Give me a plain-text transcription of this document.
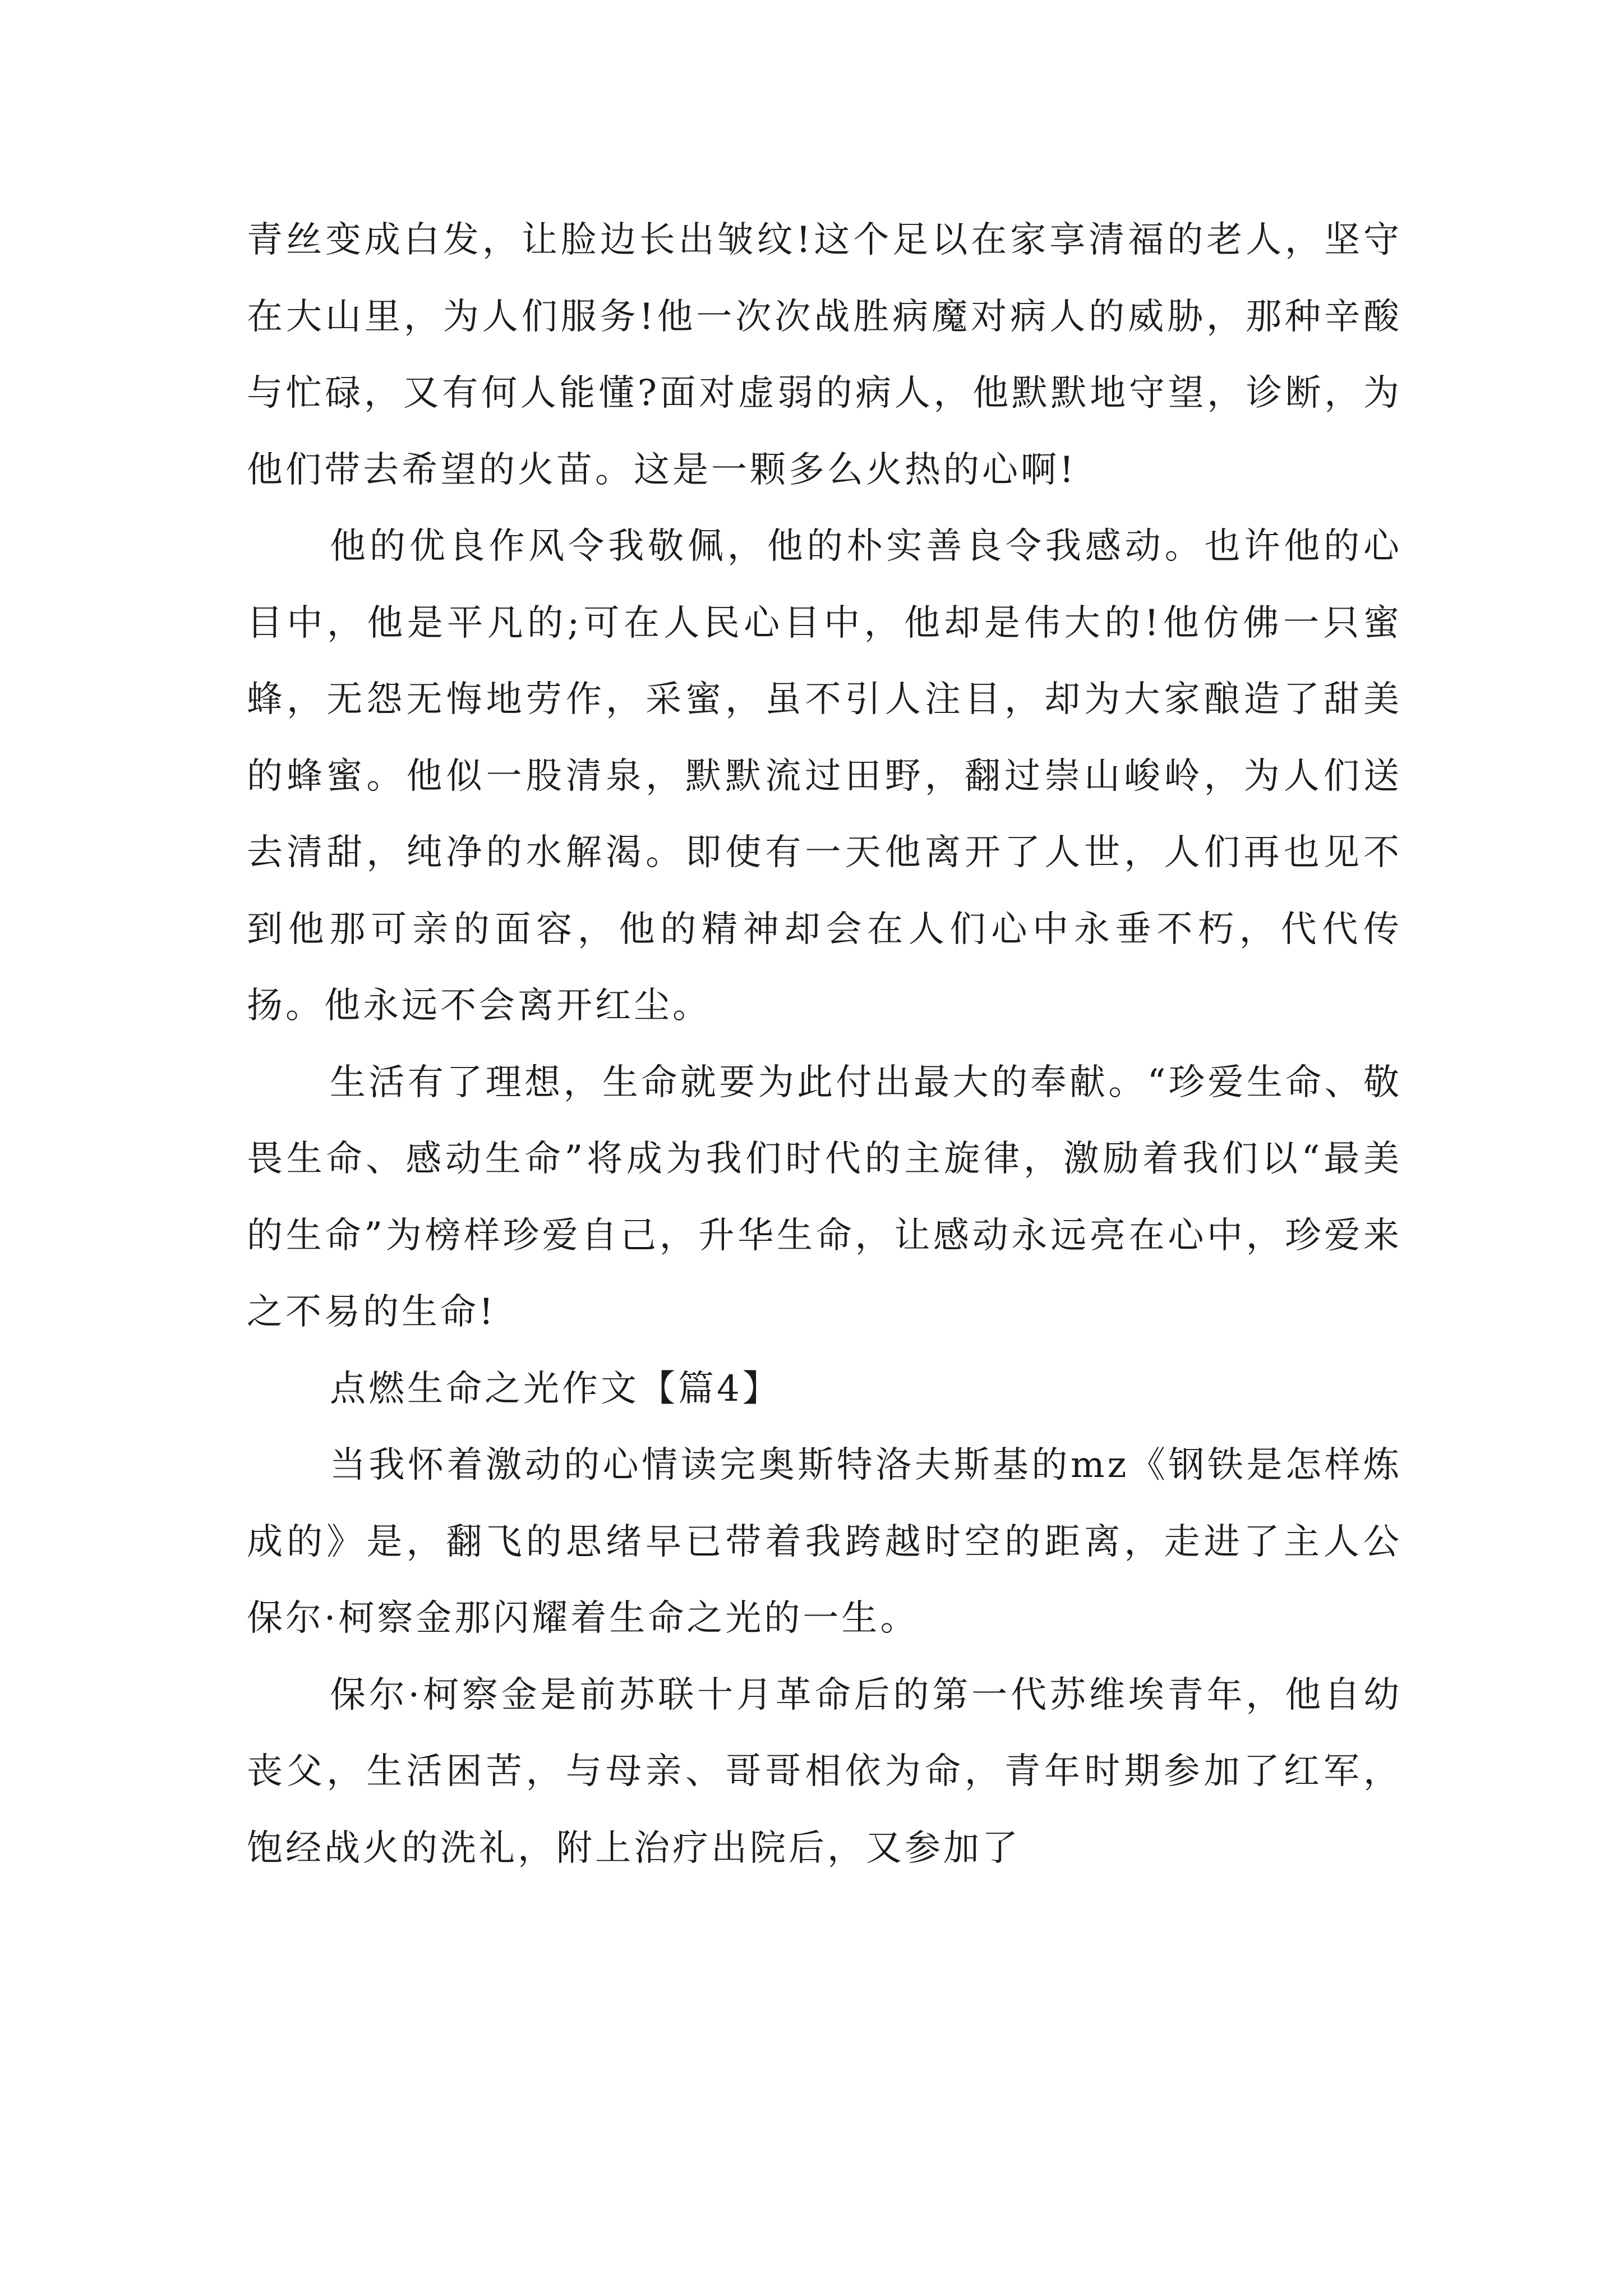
青丝变成白发，让脸边长出皱纹!这个足以在家享清福的老人，坚守在大山里，为人们服务!他一次次战胜病魔对病人的威胁，那种辛酸与忙碌，又有何人能懂?面对虚弱的病人，他默默地守望，诊断，为他们带去希望的火苗。这是一颗多么火热的心啊!

他的优良作风令我敬佩，他的朴实善良令我感动。也许他的心目中，他是平凡的;可在人民心目中，他却是伟大的!他仿佛一只蜜蜂，无怨无悔地劳作，采蜜，虽不引人注目，却为大家酿造了甜美的蜂蜜。他似一股清泉，默默流过田野，翻过崇山峻岭，为人们送去清甜，纯净的水解渴。即使有一天他离开了人世，人们再也见不到他那可亲的面容，他的精神却会在人们心中永垂不朽，代代传扬。他永远不会离开红尘。

生活有了理想，生命就要为此付出最大的奉献。“珍爱生命、敬畏生命、感动生命”将成为我们时代的主旋律，激励着我们以“最美的生命”为榜样珍爱自己，升华生命，让感动永远亮在心中，珍爱来之不易的生命!

点燃生命之光作文【篇4】

当我怀着激动的心情读完奥斯特洛夫斯基的mz《钢铁是怎样炼成的》是，翻飞的思绪早已带着我跨越时空的距离，走进了主人公保尔·柯察金那闪耀着生命之光的一生。

保尔·柯察金是前苏联十月革命后的第一代苏维埃青年，他自幼丧父，生活困苦，与母亲、哥哥相依为命，青年时期参加了红军，饱经战火的洗礼，附上治疗出院后，又参加了
